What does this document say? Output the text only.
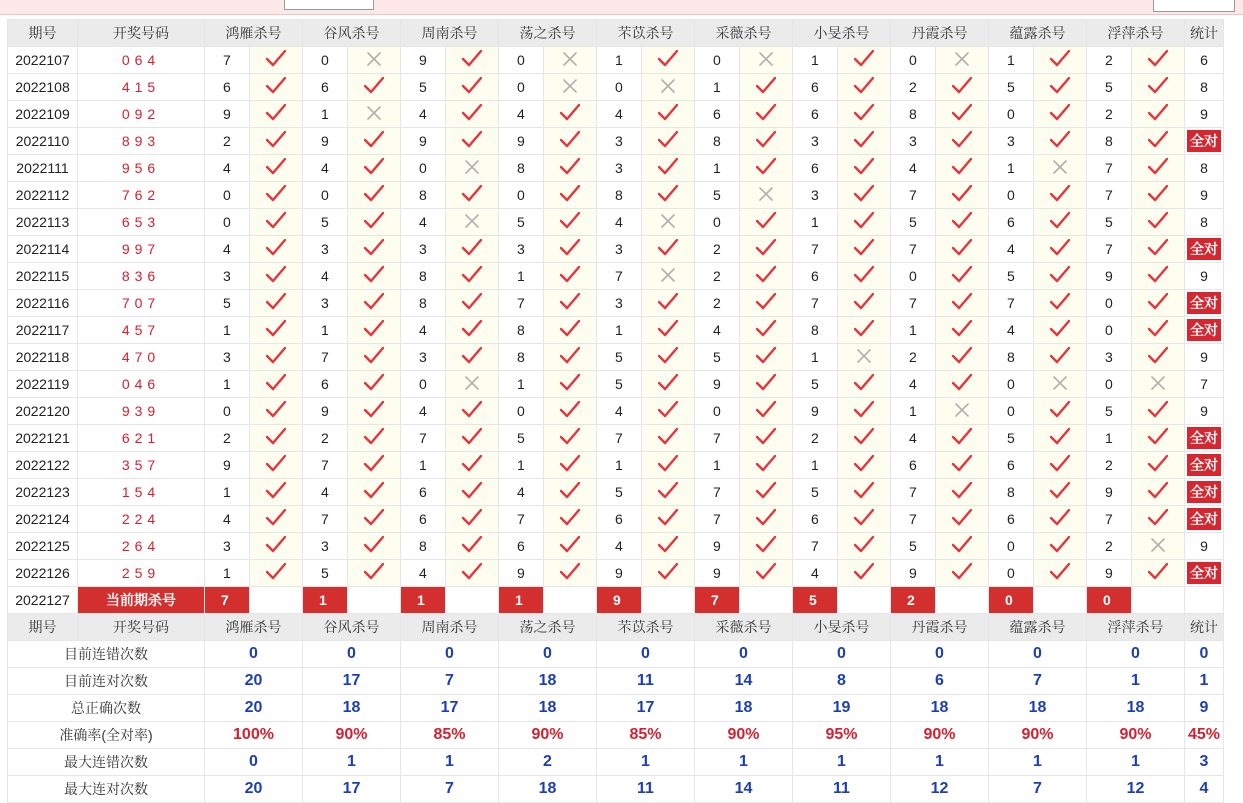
期号	开奖号码	鸿雁杀号		谷风杀号		周南杀号		荡之杀号		芣苡杀号		采薇杀号		小旻杀号		丹霞杀号		蕴露杀号		浮萍杀号		统计
2022107	064	7		0		9		0		1		0		1		0		1		2		6
2022108	415	6		6		5		0		0		1		6		2		5		5		8
2022109	092	9		1		4		4		4		6		6		8		0		2		9
2022110	893	2		9		9		9		3		8		3		3		3		8		全对
2022111	956	4		4		0		8		3		1		6		4		1		7		8
2022112	762	0		0		8		0		8		5		3		7		0		7		9
2022113	653	0		5		4		5		4		0		1		5		6		5		8
2022114	997	4		3		3		3		3		2		7		7		4		7		全对
2022115	836	3		4		8		1		7		2		6		0		5		9		9
2022116	707	5		3		8		7		3		2		7		7		7		0		全对
2022117	457	1		1		4		8		1		4		8		1		4		0		全对
2022118	470	3		7		3		8		5		5		1		2		8		3		9
2022119	046	1		6		0		1		5		9		5		4		0		0		7
2022120	939	0		9		4		0		4		0		9		1		0		5		9
2022121	621	2		2		7		5		7		7		2		4		5		1		全对
2022122	357	9		7		1		1		1		1		1		6		6		2		全对
2022123	154	1		4		6		4		5		7		5		7		8		9		全对
2022124	224	4		7		6		7		6		7		6		7		6		7		全对
2022125	264	3		3		8		6		4		9		7		5		0		2		9
2022126	259	1		5		4		9		9		9		4		9		0		9		全对
2022127	当前期杀号	7		1		1		1		9		7		5		2		0		0		
期号	开奖号码	鸿雁杀号		谷风杀号		周南杀号		荡之杀号		芣苡杀号		采薇杀号		小旻杀号		丹霞杀号		蕴露杀号		浮萍杀号		统计
目前连错次数		0		0		0		0		0		0		0		0		0		0		0
目前连对次数		20		17		7		18		11		14		8		6		7		1		1
总正确次数		20		18		17		18		17		18		19		18		18		18		9
准确率(全对率)		100%		90%		85%		90%		85%		90%		95%		90%		90%		90%		45%
最大连错次数		0		1		1		2		1		1		1		1		1		1		3
最大连对次数		20		17		7		18		11		14		11		12		7		12		4
